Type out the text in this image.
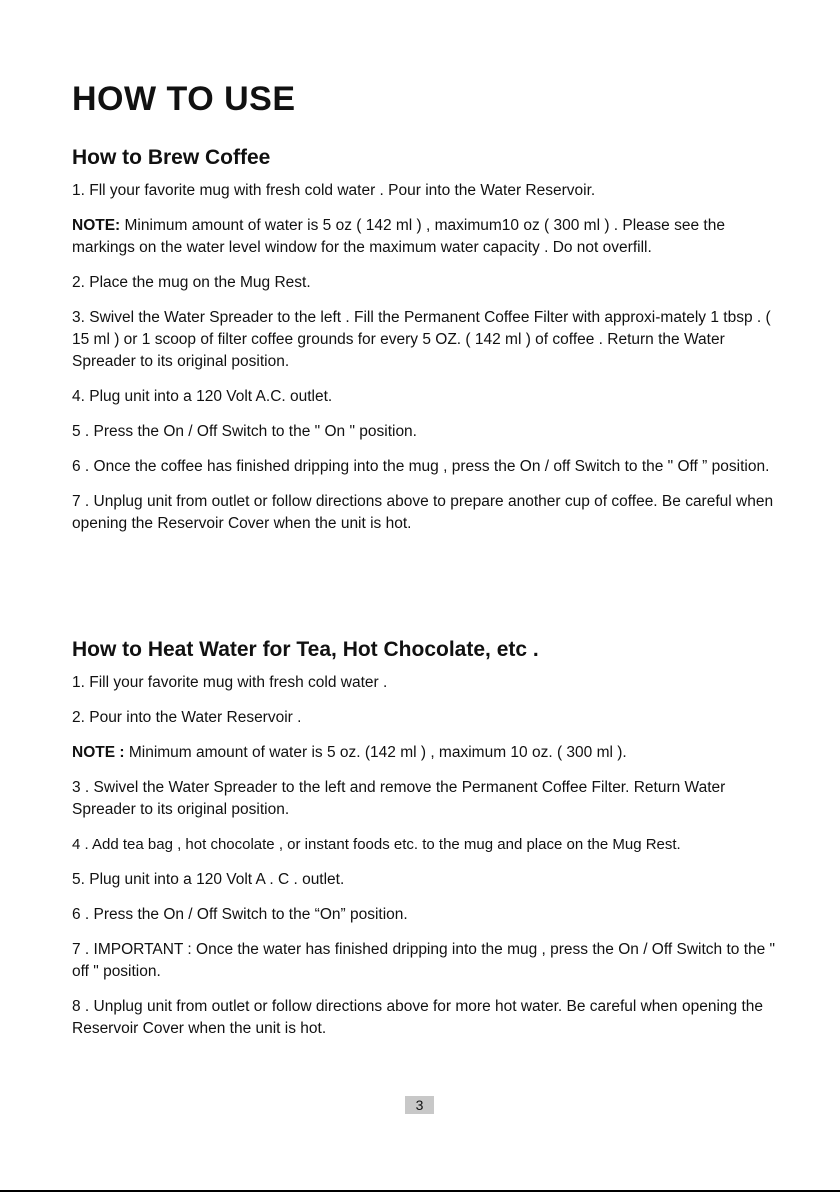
HOW TO USE
How to Brew Coffee

1. Fll your favorite mug with fresh cold water . Pour into the Water Reservoir.

NOTE: Minimum amount of water is 5 oz ( 142 ml ) , maximum10 oz ( 300 ml ) . Please see the markings on the water level window for the maximum water capacity . Do not overfill.

2. Place the mug on the Mug Rest.

3. Swivel the Water Spreader to the left . Fill the Permanent Coffee Filter with approxi-mately 1 tbsp . ( 15 ml ) or 1 scoop of filter coffee grounds for every 5 OZ. ( 142 ml ) of coffee . Return the Water Spreader to its original position.

4. Plug unit into a 120 Volt A.C. outlet.

5 . Press the On / Off Switch to the " On " position.

6 . Once the coffee has finished dripping into the mug , press the On / off Switch to the " Off ” position.

7 . Unplug unit from outlet or follow directions above to prepare another cup of coffee. Be careful when opening the Reservoir Cover when the unit is hot.

How to Heat Water for Tea, Hot Chocolate, etc .

1. Fill your favorite mug with fresh cold water .

2. Pour into the Water Reservoir .

NOTE : Minimum amount of water is 5 oz. (142 ml ) , maximum 10 oz. ( 300 ml ).

3 . Swivel the Water Spreader to the left and remove the Permanent Coffee Filter. Return Water Spreader to its original position.

4 . Add tea bag , hot chocolate , or instant foods etc. to the mug and place on the Mug Rest.

5. Plug unit into a 120 Volt A . C . outlet.

6 . Press the On / Off Switch to the “On” position.

7 . IMPORTANT : Once the water has finished dripping into the mug , press the On / Off Switch to the " off " position.

8 . Unplug unit from outlet or follow directions above for more hot water. Be careful when opening the Reservoir Cover when the unit is hot.

3
